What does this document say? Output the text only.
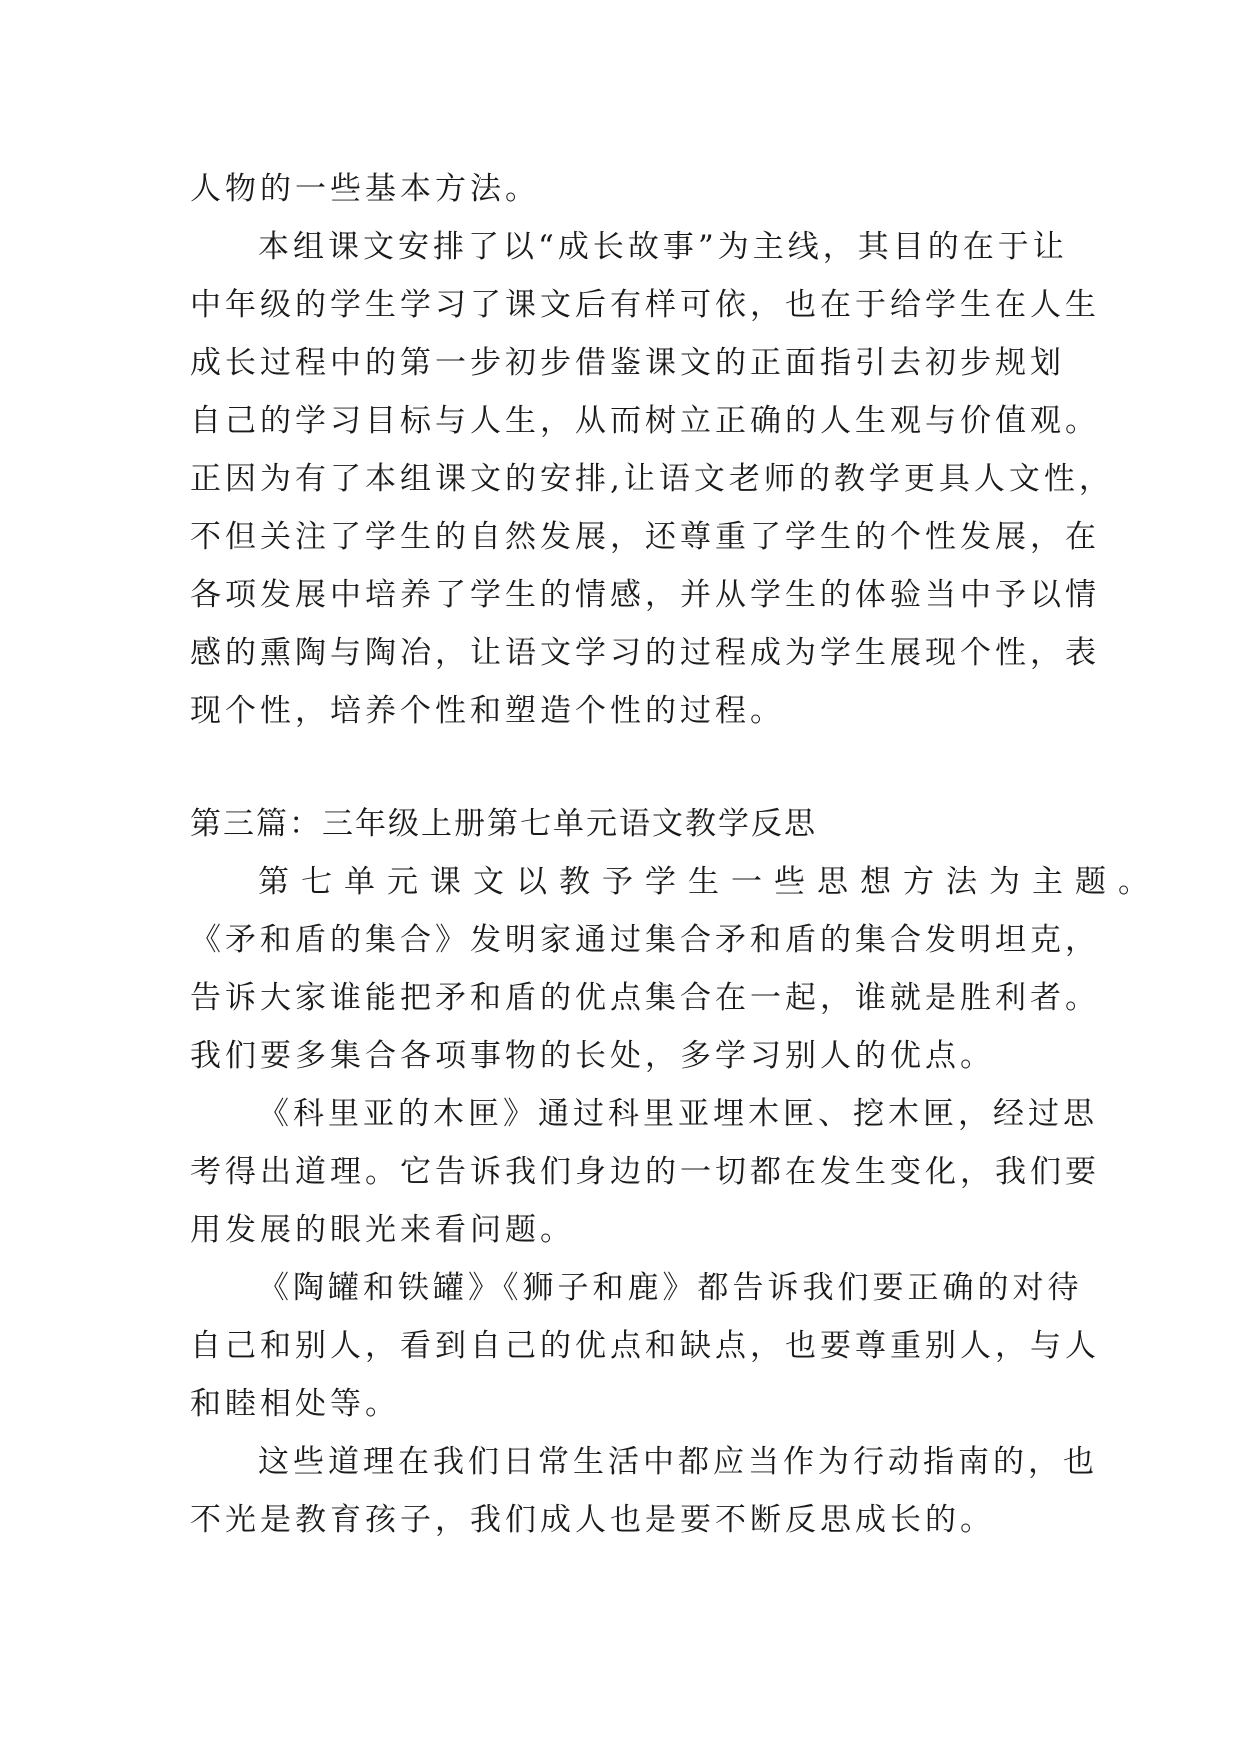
人物的一些基本方法。
本组课文安排了以“成长故事”为主线，其目的在于让
中年级的学生学习了课文后有样可依，也在于给学生在人生
成长过程中的第一步初步借鉴课文的正面指引去初步规划
自己的学习目标与人生，从而树立正确的人生观与价值观。
正因为有了本组课文的安排,让语文老师的教学更具人文性，
不但关注了学生的自然发展，还尊重了学生的个性发展，在
各项发展中培养了学生的情感，并从学生的体验当中予以情
感的熏陶与陶冶，让语文学习的过程成为学生展现个性，表
现个性，培养个性和塑造个性的过程。
第三篇：三年级上册第七单元语文教学反思
第七单元课文以教予学生一些思想方法为主题。
《矛和盾的集合》发明家通过集合矛和盾的集合发明坦克，
告诉大家谁能把矛和盾的优点集合在一起，谁就是胜利者。
我们要多集合各项事物的长处，多学习别人的优点。
《科里亚的木匣》通过科里亚埋木匣、挖木匣，经过思
考得出道理。它告诉我们身边的一切都在发生变化，我们要
用发展的眼光来看问题。
《陶罐和铁罐》《狮子和鹿》都告诉我们要正确的对待
自己和别人，看到自己的优点和缺点，也要尊重别人，与人
和睦相处等。
这些道理在我们日常生活中都应当作为行动指南的，也
不光是教育孩子，我们成人也是要不断反思成长的。
